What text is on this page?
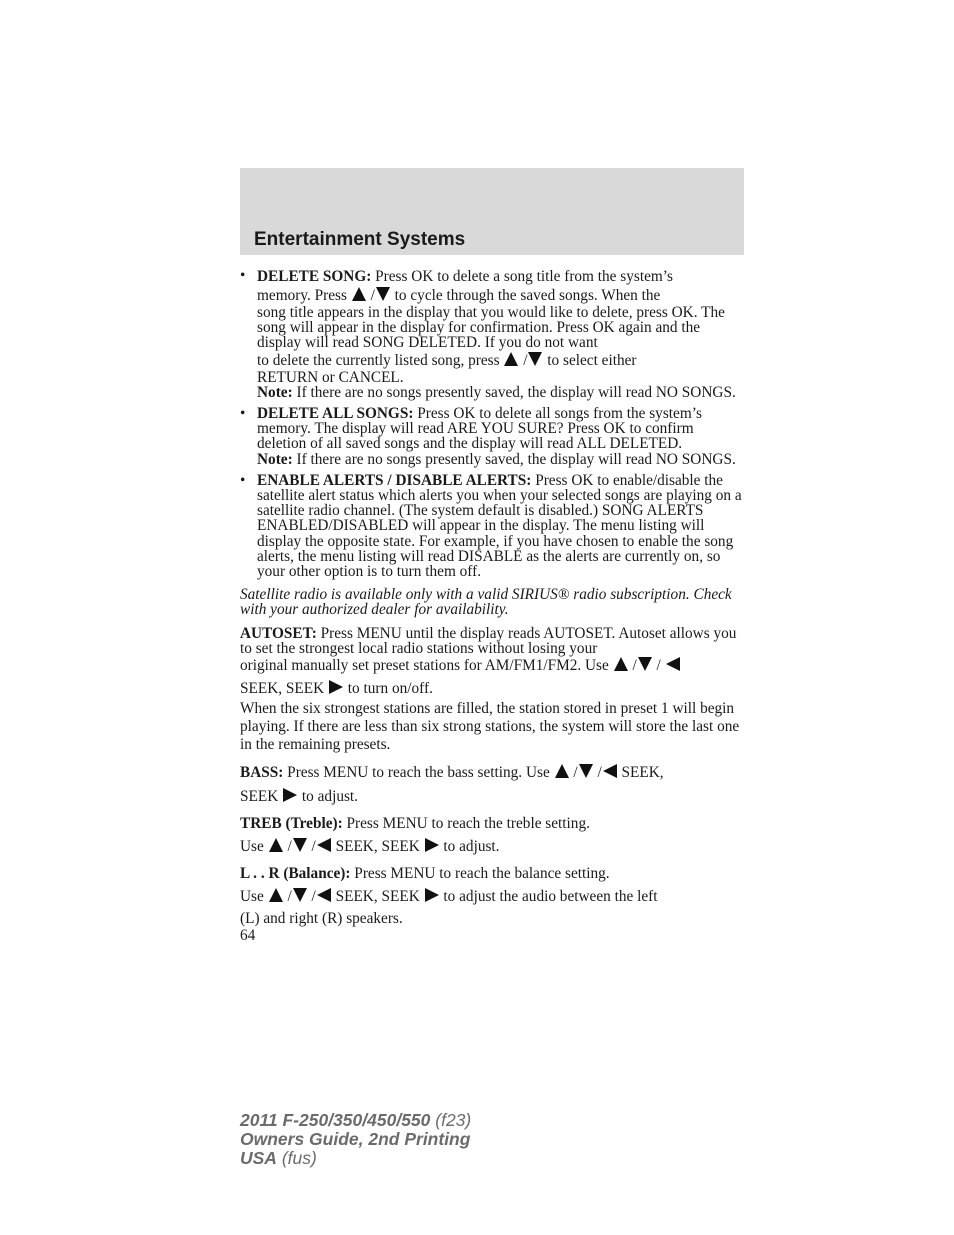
Entertainment Systems
• DELETE SONG: Press OK to delete a song title from the system’s

memory. Press  / to cycle through the saved songs. When the

song title appears in the display that you would like to delete, press OK. The song will appear in the display for confirmation. Press OK again and the display will read SONG DELETED. If you do not want

to delete the currently listed song, press  / to select either

RETURN or CANCEL.

Note: If there are no songs presently saved, the display will read NO SONGS.

• DELETE ALL SONGS: Press OK to delete all songs from the system’s memory. The display will read ARE YOU SURE? Press OK to confirm deletion of all saved songs and the display will read ALL DELETED.

Note: If there are no songs presently saved, the display will read NO SONGS.

• ENABLE ALERTS / DISABLE ALERTS: Press OK to enable/disable the satellite alert status which alerts you when your selected songs are playing on a satellite radio channel. (The system default is disabled.) SONG ALERTS ENABLED/DISABLED will appear in the display. The menu listing will display the opposite state. For example, if you have chosen to enable the song alerts, the menu listing will read DISABLE as the alerts are currently on, so your other option is to turn them off.

Satellite radio is available only with a valid SIRIUS® radio subscription. Check with your authorized dealer for availability.

AUTOSET: Press MENU until the display reads AUTOSET. Autoset allows you to set the strongest local radio stations without losing your

original manually set preset stations for AM/FM1/FM2. Use  / /

SEEK, SEEK  to turn on/off.

When the six strongest stations are filled, the station stored in preset 1 will begin playing. If there are less than six strong stations, the system will store the last one in the remaining presets.

BASS: Press MENU to reach the bass setting. Use  / / SEEK,

SEEK  to adjust.

TREB (Treble): Press MENU to reach the treble setting.

Use  / / SEEK, SEEK  to adjust.

L . . R (Balance): Press MENU to reach the balance setting.

Use  / / SEEK, SEEK  to adjust the audio between the left

(L) and right (R) speakers.

64

2011 F-250/350/450/550 (f23)
Owners Guide, 2nd Printing
USA (fus)
